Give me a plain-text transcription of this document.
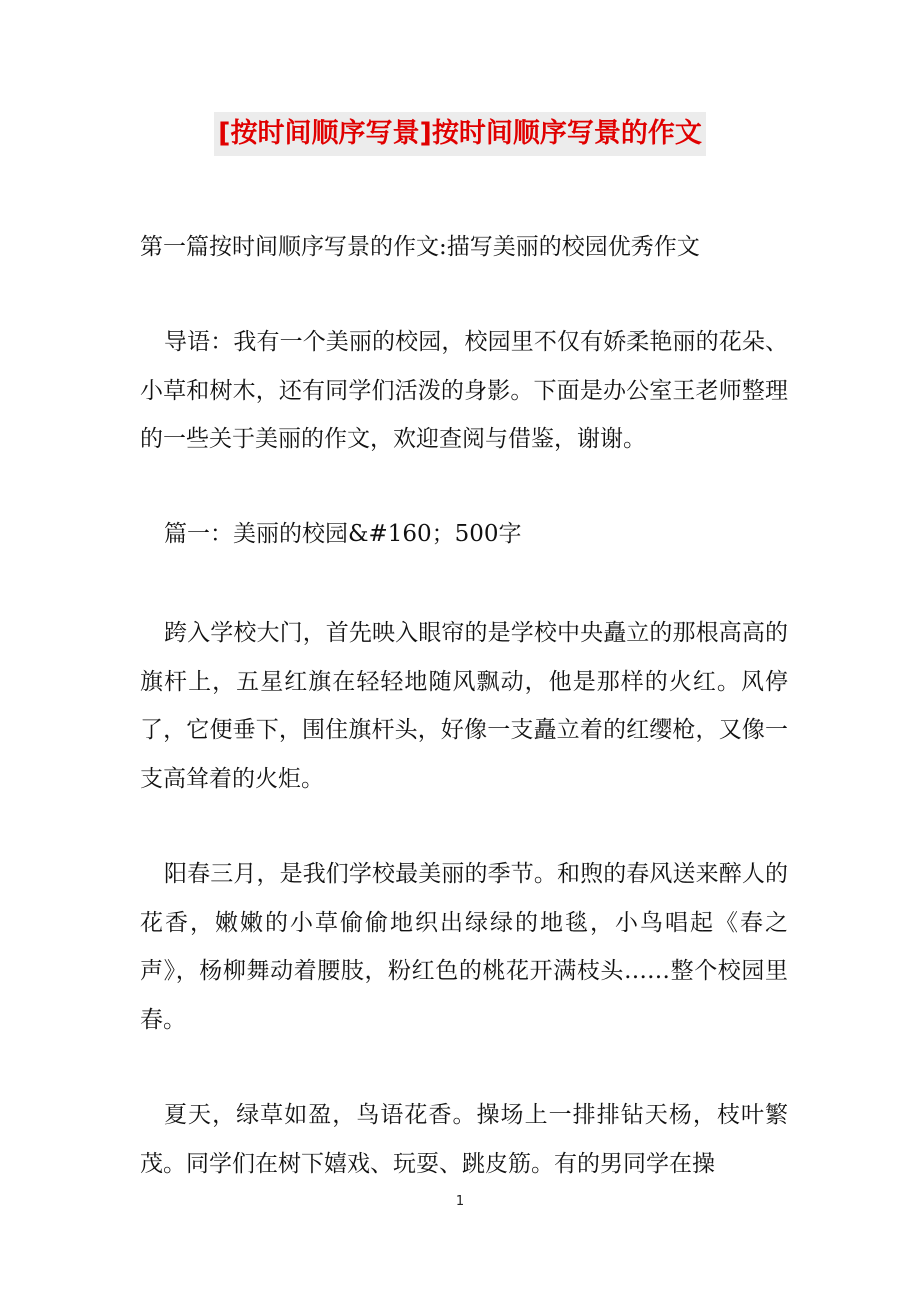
[按时间顺序写景]按时间顺序写景的作文

第一篇按时间顺序写景的作文:描写美丽的校园优秀作文

导语：我有一个美丽的校园，校园里不仅有娇柔艳丽的花朵、小草和树木，还有同学们活泼的身影。下面是办公室王老师整理的一些关于美丽的作文，欢迎查阅与借鉴，谢谢。

篇一：美丽的校园&#160；500字

跨入学校大门，首先映入眼帘的是学校中央矗立的那根高高的旗杆上，五星红旗在轻轻地随风飘动，他是那样的火红。风停了，它便垂下，围住旗杆头，好像一支矗立着的红缨枪，又像一支高耸着的火炬。

阳春三月，是我们学校最美丽的季节。和煦的春风送来醉人的花香，嫩嫩的小草偷偷地织出绿绿的地毯，小鸟唱起《春之声》，杨柳舞动着腰肢，粉红色的桃花开满枝头……整个校园里春。

夏天，绿草如盈，鸟语花香。操场上一排排钻天杨，枝叶繁茂。同学们在树下嬉戏、玩耍、跳皮筋。有的男同学在操

1
